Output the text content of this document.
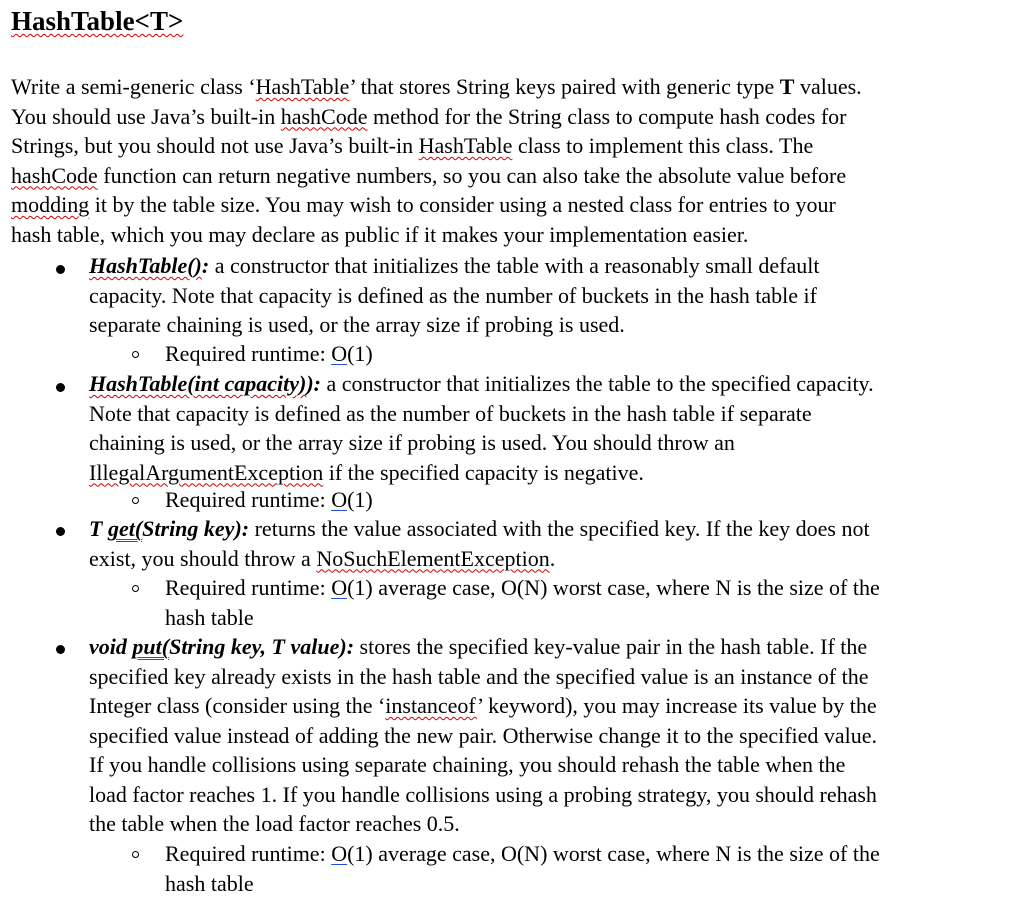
HashTable<T>
Write a semi-generic class ‘HashTable’ that stores String keys paired with generic type T values.
You should use Java’s built-in hashCode method for the String class to compute hash codes for
Strings, but you should not use Java’s built-in HashTable class to implement this class. The
hashCode function can return negative numbers, so you can also take the absolute value before
modding it by the table size. You may wish to consider using a nested class for entries to your
hash table, which you may declare as public if it makes your implementation easier.
HashTable(): a constructor that initializes the table with a reasonably small default
capacity. Note that capacity is defined as the number of buckets in the hash table if
separate chaining is used, or the array size if probing is used.
Required runtime: O(1)
HashTable(int capacity)): a constructor that initializes the table to the specified capacity.
Note that capacity is defined as the number of buckets in the hash table if separate
chaining is used, or the array size if probing is used. You should throw an
IllegalArgumentException if the specified capacity is negative.
Required runtime: O(1)
T get(String key): returns the value associated with the specified key. If the key does not
exist, you should throw a NoSuchElementException.
Required runtime: O(1) average case, O(N) worst case, where N is the size of the
hash table
void put(String key, T value): stores the specified key-value pair in the hash table. If the
specified key already exists in the hash table and the specified value is an instance of the
Integer class (consider using the ‘instanceof’ keyword), you may increase its value by the
specified value instead of adding the new pair. Otherwise change it to the specified value.
If you handle collisions using separate chaining, you should rehash the table when the
load factor reaches 1. If you handle collisions using a probing strategy, you should rehash
the table when the load factor reaches 0.5.
Required runtime: O(1) average case, O(N) worst case, where N is the size of the
hash table
